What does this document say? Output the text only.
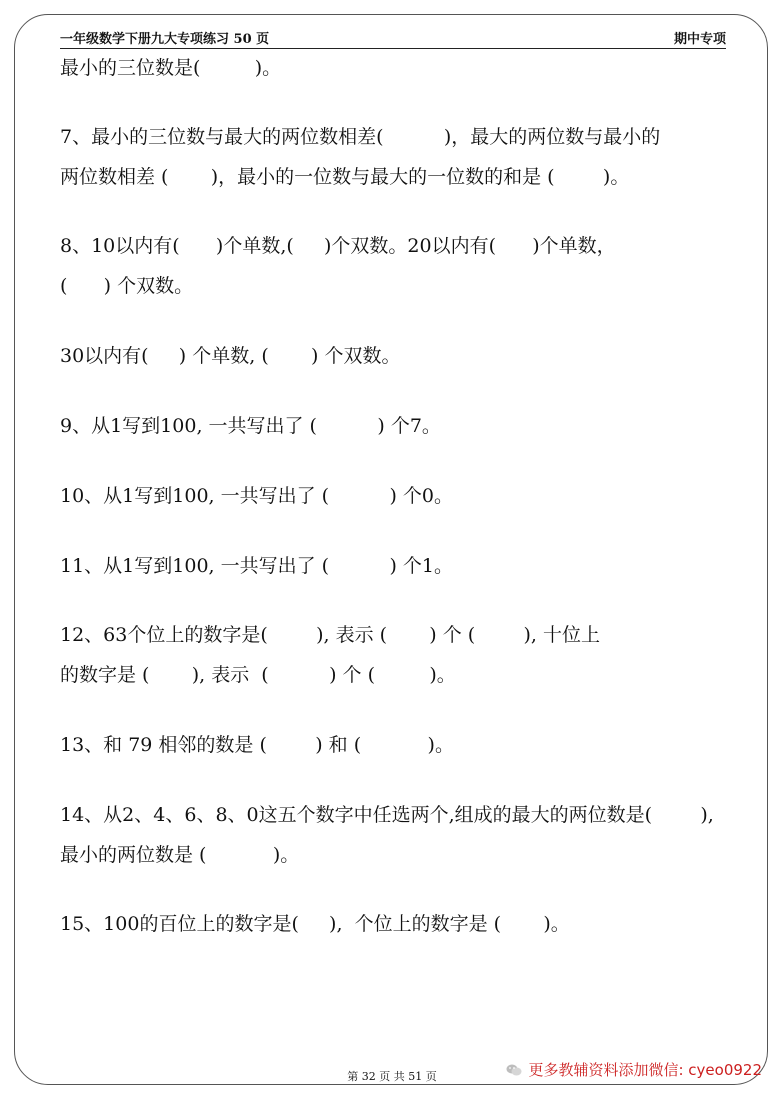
一年级数学下册九大专项练习 50 页	期中专项
最小的三位数是(         )。
7、最小的三位数与最大的两位数相差(          )，最大的两位数与最小的
两位数相差 (       )，最小的一位数与最大的一位数的和是 (        )。
8、10以内有(      )个单数,(     )个双数。20以内有(      )个单数，
(      ) 个双数。
30以内有(     ) 个单数, (       ) 个双数。
9、从1写到100, 一共写出了 (          ) 个7。
10、从1写到100, 一共写出了 (          ) 个0。
11、从1写到100, 一共写出了 (          ) 个1。
12、63个位上的数字是(        ), 表示 (       ) 个 (        ), 十位上
的数字是 (       ), 表示  (          ) 个 (         )。
13、和 79 相邻的数是 (        ) 和 (           )。
14、从2、4、6、8、0这五个数字中任选两个,组成的最大的两位数是(        ),
最小的两位数是 (           )。
15、100的百位上的数字是(     ),  个位上的数字是 (       )。
第 32 页 共 51 页	更多教辅资料添加微信: cyeo0922
